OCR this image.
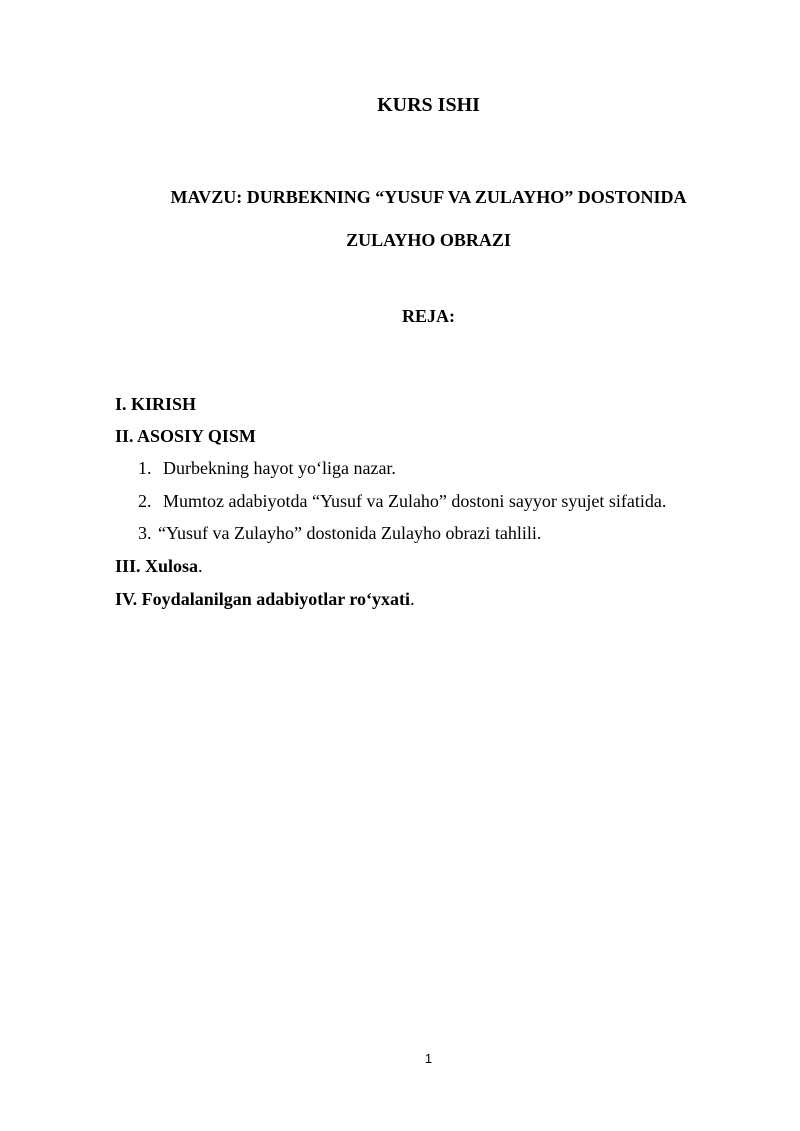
KURS ISHI
MAVZU: DURBEKNING “YUSUF VA ZULAYHO” DOSTONIDA
ZULAYHO OBRAZI
REJA:
I. KIRISH
II. ASOSIY QISM
1. Durbekning hayot yoʻliga nazar.
2. Mumtoz adabiyotda “Yusuf va Zulaho” dostoni sayyor syujet sifatida.
3. “Yusuf va Zulayho” dostonida Zulayho obrazi tahlili.
III. Xulosa.
IV. Foydalanilgan adabiyotlar roʻyxati.
1
